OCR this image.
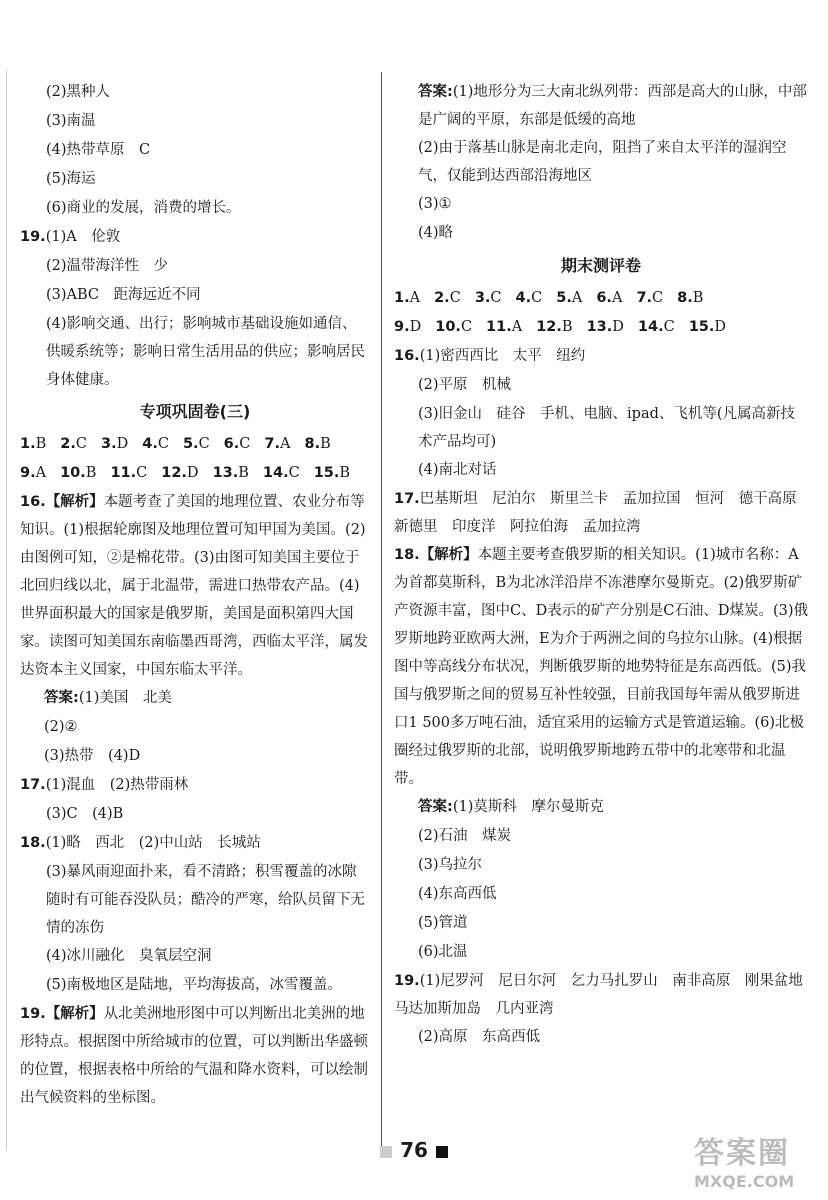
(2)黑种人
(3)南温
(4)热带草原　C
(5)海运
(6)商业的发展，消费的增长。
19.(1)A　伦敦
(2)温带海洋性　少
(3)ABC　距海远近不同
(4)影响交通、出行；影响城市基础设施如通信、供暖系统等；影响日常生活用品的供应；影响居民身体健康。
专项巩固卷(三)
1.B 2.C 3.D 4.C 5.C 6.C 7.A 8.B
9.A 10.B 11.C 12.D 13.B 14.C 15.B
16.【解析】本题考查了美国的地理位置、农业分布等知识。(1)根据轮廓图及地理位置可知甲国为美国。(2)由图例可知，②是棉花带。(3)由图可知美国主要位于北回归线以北，属于北温带，需进口热带农产品。(4)世界面积最大的国家是俄罗斯，美国是面积第四大国家。读图可知美国东南临墨西哥湾，西临太平洋，属发达资本主义国家，中国东临太平洋。
答案:(1)美国　北美
(2)②
(3)热带　(4)D
17.(1)混血　(2)热带雨林
(3)C　(4)B
18.(1)略　西北　(2)中山站　长城站
(3)暴风雨迎面扑来，看不清路；积雪覆盖的冰隙随时有可能吞没队员；酷冷的严寒，给队员留下无情的冻伤
(4)冰川融化　臭氧层空洞
(5)南极地区是陆地，平均海拔高，冰雪覆盖。
19.【解析】从北美洲地形图中可以判断出北美洲的地形特点。根据图中所给城市的位置，可以判断出华盛顿的位置，根据表格中所给的气温和降水资料，可以绘制出气候资料的坐标图。
答案:(1)地形分为三大南北纵列带：西部是高大的山脉，中部是广阔的平原，东部是低缓的高地
(2)由于落基山脉是南北走向，阻挡了来自太平洋的湿润空气，仅能到达西部沿海地区
(3)①
(4)略
期末测评卷
1.A 2.C 3.C 4.C 5.A 6.A 7.C 8.B
9.D 10.C 11.A 12.B 13.D 14.C 15.D
16.(1)密西西比　太平　纽约
(2)平原　机械
(3)旧金山　硅谷　手机、电脑、ipad、飞机等(凡属高新技术产品均可)
(4)南北对话
17.巴基斯坦　尼泊尔　斯里兰卡　孟加拉国　恒河　德干高原　新德里　印度洋　阿拉伯海　孟加拉湾
18.【解析】本题主要考查俄罗斯的相关知识。(1)城市名称：A为首都莫斯科，B为北冰洋沿岸不冻港摩尔曼斯克。(2)俄罗斯矿产资源丰富，图中C、D表示的矿产分别是C石油、D煤炭。(3)俄罗斯地跨亚欧两大洲，E为介于两洲之间的乌拉尔山脉。(4)根据图中等高线分布状况，判断俄罗斯的地势特征是东高西低。(5)我国与俄罗斯之间的贸易互补性较强，目前我国每年需从俄罗斯进口1 500多万吨石油，适宜采用的运输方式是管道运输。(6)北极圈经过俄罗斯的北部，说明俄罗斯地跨五带中的北寒带和北温带。
答案:(1)莫斯科　摩尔曼斯克
(2)石油　煤炭
(3)乌拉尔
(4)东高西低
(5)管道
(6)北温
19.(1)尼罗河　尼日尔河　乞力马扎罗山　南非高原　刚果盆地　马达加斯加岛　几内亚湾
(2)高原　东高西低
76	答案圈
MXQE.COM
